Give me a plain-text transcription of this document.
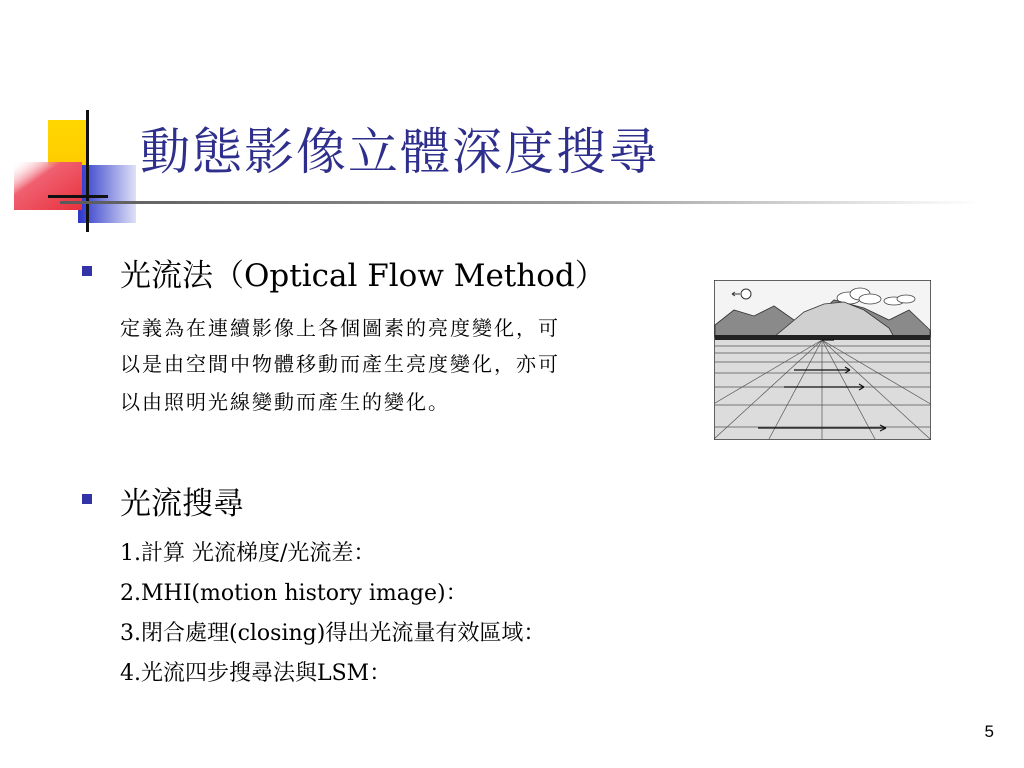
動態影像立體深度搜尋
光流法（Optical Flow Method）
定義為在連續影像上各個圖素的亮度變化，可
以是由空間中物體移動而產生亮度變化，亦可
以由照明光線變動而產生的變化。
光流搜尋
1.計算 光流梯度/光流差：
2.MHI(motion history image)：
3.閉合處理(closing)得出光流量有效區域：
4.光流四步搜尋法與LSM：
5
